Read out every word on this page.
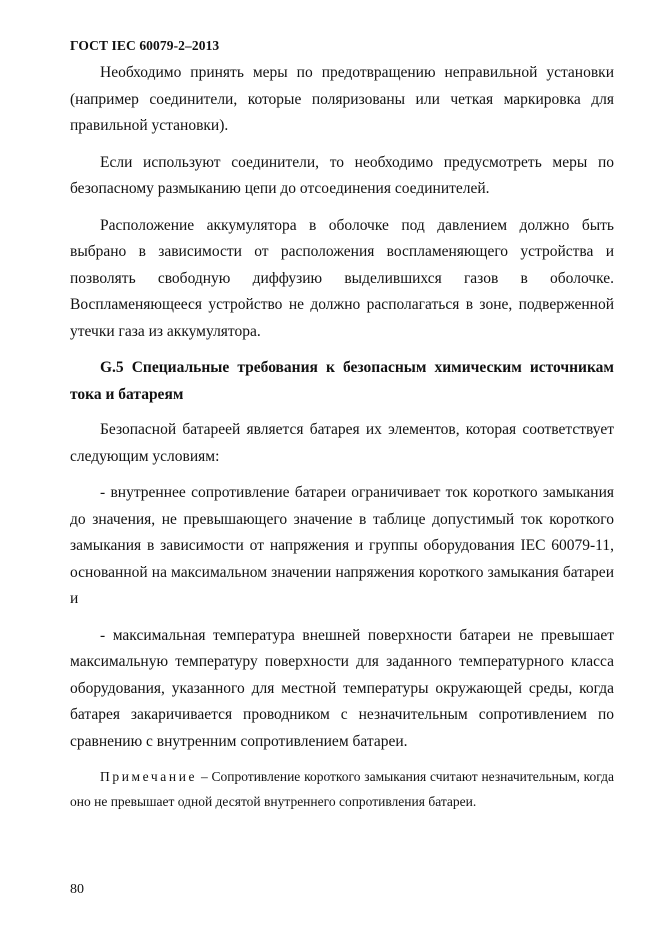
ГОСТ IEC 60079-2–2013

Необходимо принять меры по предотвращению неправильной установки (например соединители, которые поляризованы или четкая маркировка для правильной установки).

Если используют соединители, то необходимо предусмотреть меры по безопасному размыканию цепи до отсоединения соединителей.

Расположение аккумулятора в оболочке под давлением должно быть выбрано в зависимости от расположения воспламеняющего устройства и позволять свободную диффузию выделившихся газов в оболочке. Воспламеняющееся устройство не должно располагаться в зоне, подверженной утечки газа из аккумулятора.

G.5 Специальные требования к безопасным химическим источникам тока и батареям

Безопасной батареей является батарея их элементов, которая соответствует следующим условиям:

- внутреннее сопротивление батареи ограничивает ток короткого замыкания до значения, не превышающего значение в таблице допустимый ток короткого замыкания в зависимости от напряжения и группы оборудования IEC 60079-11, основанной на максимальном значении напряжения короткого замыкания батареи и

- максимальная температура внешней поверхности батареи не превышает максимальную температуру поверхности для заданного температурного класса оборудования, указанного для местной температуры окружающей среды, когда батарея закаричивается проводником с незначительным сопротивлением по сравнению с внутренним сопротивлением батареи.

Примечание – Сопротивление короткого замыкания считают незначительным, когда оно не превышает одной десятой внутреннего сопротивления батареи.

80
